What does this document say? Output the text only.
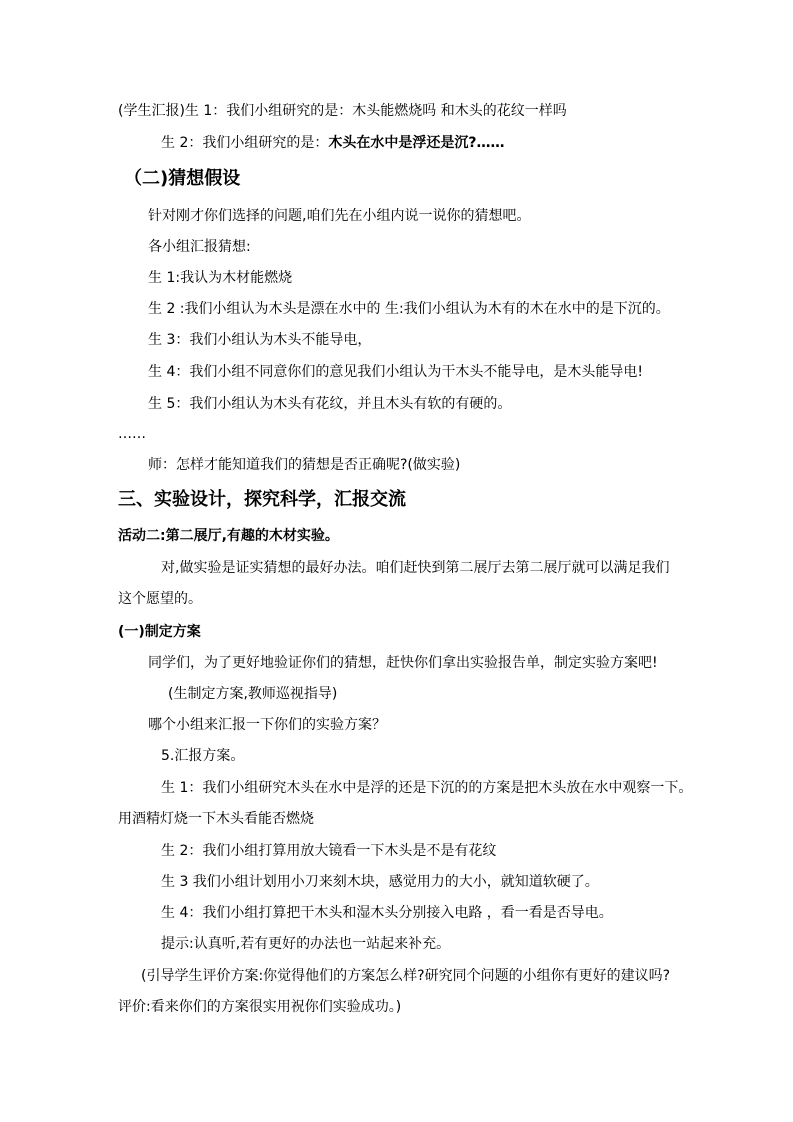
(学生汇报)生 1：我们小组研究的是：木头能燃烧吗 和木头的花纹一样吗
生 2：我们小组研究的是：木头在水中是浮还是沉?……
（二)猜想假设
针对刚才你们选择的问题,咱们先在小组内说一说你的猜想吧。
各小组汇报猜想:
生 1:我认为木材能燃烧
生 2 :我们小组认为木头是漂在水中的 生:我们小组认为木有的木在水中的是下沉的。
生 3：我们小组认为木头不能导电，
生 4：我们小组不同意你们的意见我们小组认为干木头不能导电，是木头能导电!
生 5：我们小组认为木头有花纹，并且木头有软的有硬的。
……
师：怎样才能知道我们的猜想是否正确呢?(做实验)
三、实验设计，探究科学，汇报交流
活动二:第二展厅,有趣的木材实验。
对,做实验是证实猜想的最好办法。咱们赶快到第二展厅去第二展厅就可以满足我们
这个愿望的。
(一)制定方案
同学们，为了更好地验证你们的猜想，赶快你们拿出实验报告单，制定实验方案吧!
(生制定方案,教师巡视指导)
哪个小组来汇报一下你们的实验方案？
5.汇报方案。
生 1：我们小组研究木头在水中是浮的还是下沉的的方案是把木头放在水中观察一下。
用酒精灯烧一下木头看能否燃烧
生 2：我们小组打算用放大镜看一下木头是不是有花纹
生 3 我们小组计划用小刀来刻木块，感觉用力的大小，就知道软硬了。
生 4：我们小组打算把干木头和湿木头分别接入电路 ，看一看是否导电。
提示:认真听,若有更好的办法也一站起来补充。
(引导学生评价方案:你觉得他们的方案怎么样?研究同个问题的小组你有更好的建议吗?
评价:看来你们的方案很实用祝你们实验成功。)
